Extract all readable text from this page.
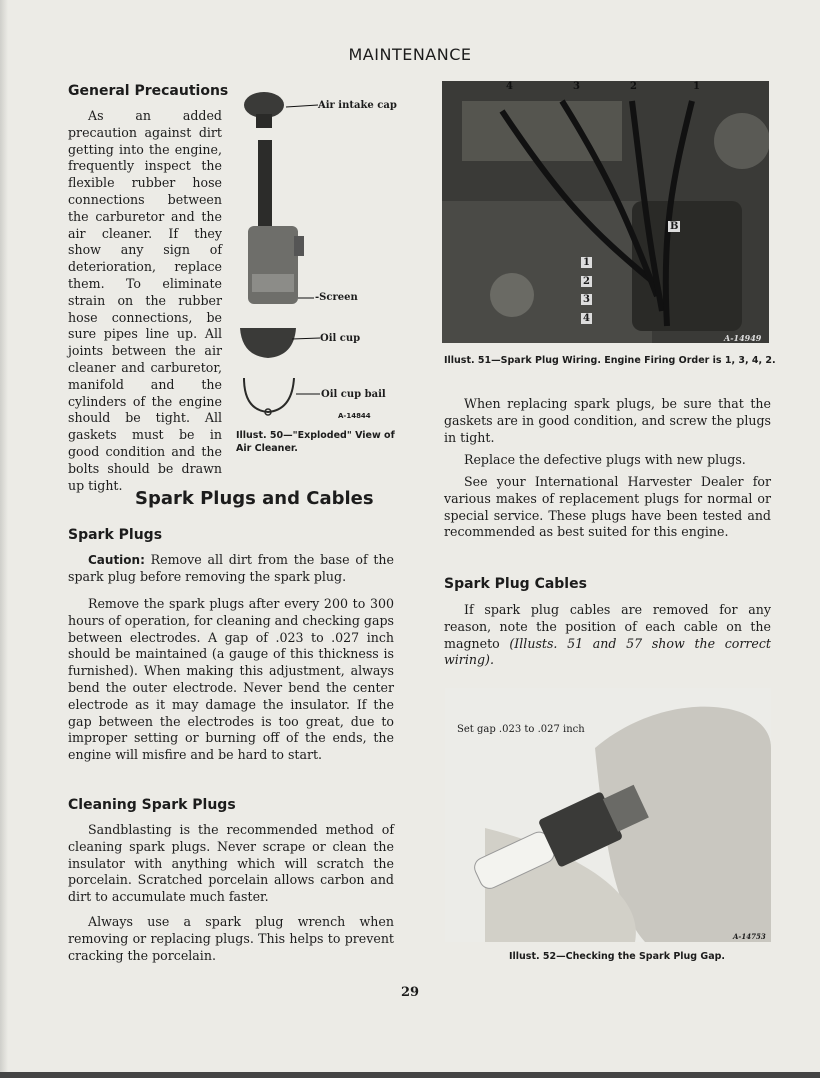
MAINTENANCE
General Precautions

As an added precaution against dirt getting into the engine, frequently inspect the flexible rubber hose connections between the carburetor and the air cleaner. If they show any sign of deterioration, replace them. To eliminate strain on the rubber hose connections, be sure pipes line up. All joints between the air cleaner and carburetor, manifold and the cylinders of the engine should be tight. All gaskets must be in good condition and the bolts should be drawn up tight.

Air intake cap
-Screen
Oil cup
Oil cup bail
A-14844
Illust. 50—"Exploded" View of Air Cleaner.
Spark Plugs and Cables
Spark Plugs

Caution: Remove all dirt from the base of the spark plug before removing the spark plug.

Remove the spark plugs after every 200 to 300 hours of operation, for cleaning and checking gaps between electrodes. A gap of .023 to .027 inch should be maintained (a gauge of this thickness is furnished). When making this adjustment, always bend the outer electrode. Never bend the center electrode as it may damage the insulator. If the gap between the electrodes is too great, due to improper setting or burning off of the ends, the engine will misfire and be hard to start.

Cleaning Spark Plugs

Sandblasting is the recommended method of cleaning spark plugs. Never scrape or clean the insulator with anything which will scratch the porcelain. Scratched porcelain allows carbon and dirt to accumulate much faster.

Always use a spark plug wrench when removing or replacing plugs. This helps to prevent cracking the porcelain.

4	3	2	1
1
2
3
4
B
A-14949
Illust. 51—Spark Plug Wiring. Engine Firing Order is 1, 3, 4, 2.

When replacing spark plugs, be sure that the gaskets are in good condition, and screw the plugs in tight.

Replace the defective plugs with new plugs.

See your International Harvester Dealer for various makes of replacement plugs for normal or special service. These plugs have been tested and recommended as best suited for this engine.

Spark Plug Cables

If spark plug cables are removed for any reason, note the position of each cable on the magneto (Illusts. 51 and 57 show the correct wiring).

Set gap .023 to .027 inch
A-14753
Illust. 52—Checking the Spark Plug Gap.
29
